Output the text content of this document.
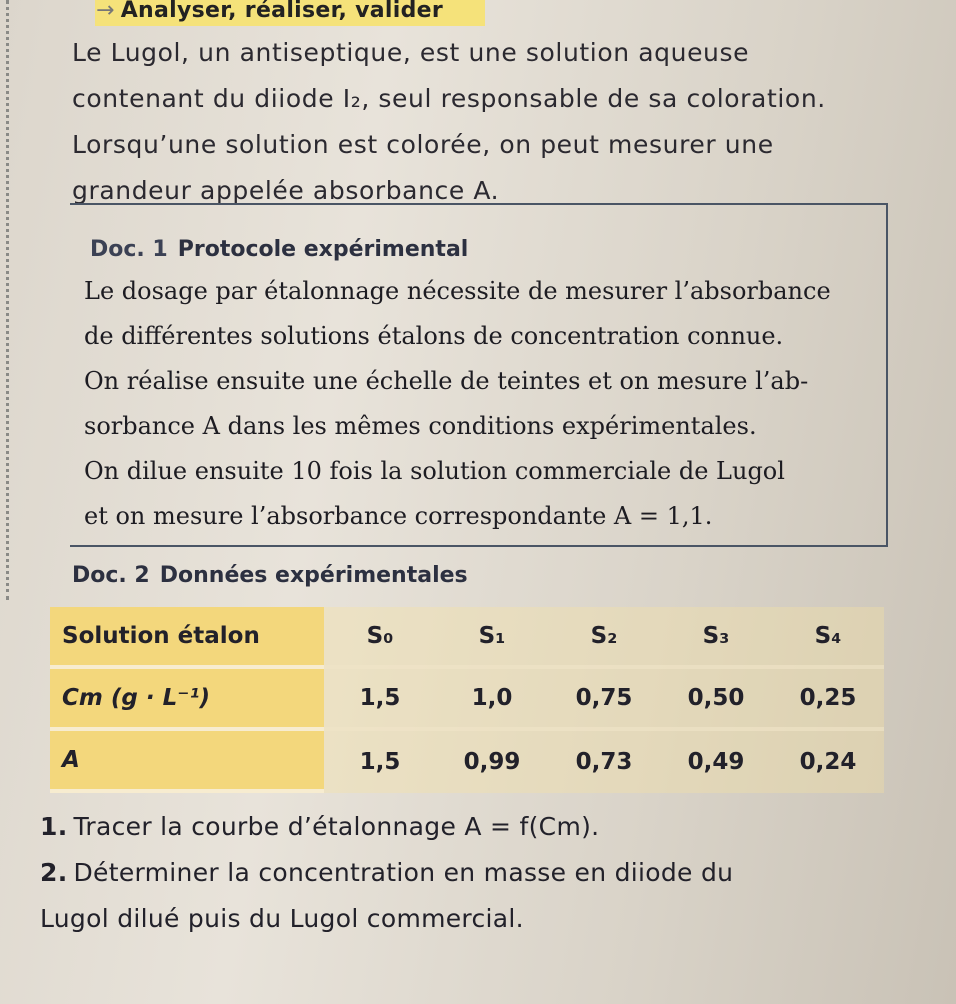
→ Analyser, réaliser, valider
Le Lugol, un antiseptique, est une solution aqueuse
contenant du diiode I₂, seul responsable de sa coloration.
Lorsqu’une solution est colorée, on peut mesurer une
grandeur appelée absorbance A.
Doc. 1 Protocole expérimental
Le dosage par étalonnage nécessite de mesurer l’absorbance
de différentes solutions étalons de concentration connue.
On réalise ensuite une échelle de teintes et on mesure l’ab-
sorbance A dans les mêmes conditions expérimentales.
On dilue ensuite 10 fois la solution commerciale de Lugol
et on mesure l’absorbance correspondante A = 1,1.
Doc. 2 Données expérimentales
Solution étalon	S₀	S₁	S₂	S₃	S₄
Cm (g · L⁻¹)	1,5	1,0	0,75	0,50	0,25
A	1,5	0,99	0,73	0,49	0,24
1. Tracer la courbe d’étalonnage A = f(Cm).
2. Déterminer la concentration en masse en diiode du
Lugol dilué puis du Lugol commercial.
